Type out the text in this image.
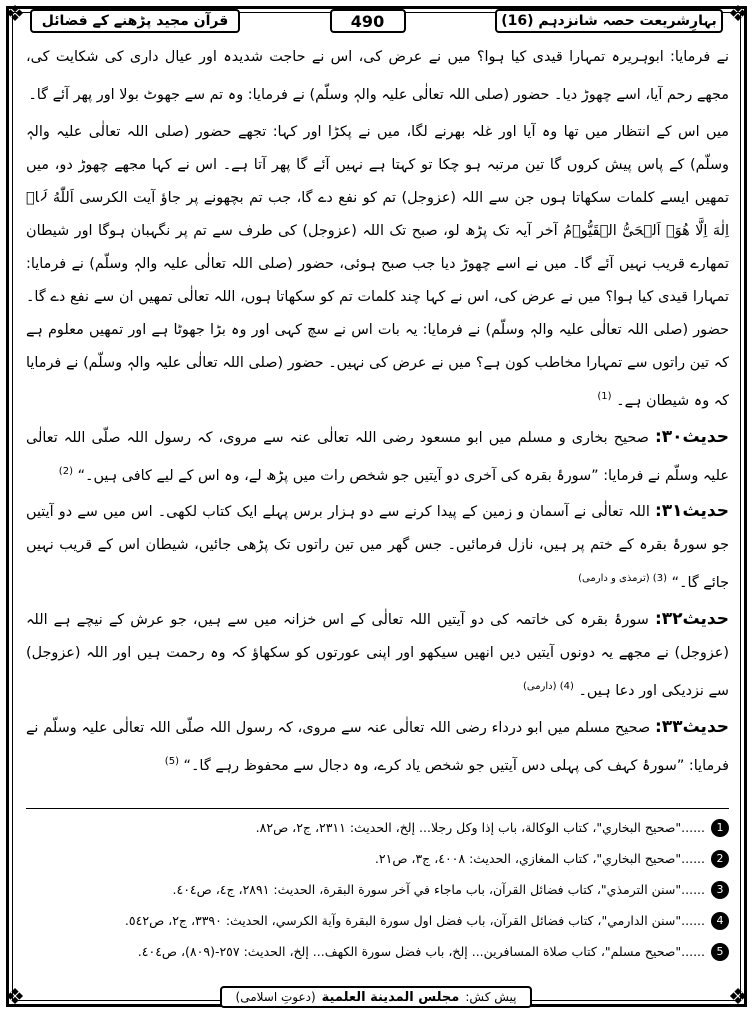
❖	❖
❖	❖
بہارِشریعت حصہ شانزدہم (16)
490
قرآن مجید پڑھنے کے فضائل

نے فرمایا: ابوہریرہ تمہارا قیدی کیا ہوا؟ میں نے عرض کی، اس نے حاجت شدیدہ اور عیال داری کی شکایت کی، مجھے رحم آیا، اسے چھوڑ دیا۔ حضور (صلی اللہ تعالٰی علیہ والہٖ وسلّم) نے فرمایا: وہ تم سے جھوٹ بولا اور پھر آئے گا۔

میں اس کے انتظار میں تھا وہ آیا اور غلہ بھرنے لگا، میں نے پکڑا اور کہا: تجھے حضور (صلی اللہ تعالٰی علیہ والہٖ وسلّم) کے پاس پیش کروں گا تین مرتبہ ہو چکا تو کہتا ہے نہیں آئے گا پھر آتا ہے۔ اس نے کہا مجھے چھوڑ دو، میں تمھیں ایسے کلمات سکھاتا ہوں جن سے اللہ (عزوجل) تم کو نفع دے گا، جب تم بچھونے پر جاؤ آیت الکرسی اَللّٰهُ لَاۤ اِلٰهَ اِلَّا هُوَۚ اَلۡحَیُّ الۡقَیُّوۡمُ آخر آیہ تک پڑھ لو، صبح تک اللہ (عزوجل) کی طرف سے تم پر نگہبان ہوگا اور شیطان تمھارے قریب نہیں آئے گا۔ میں نے اسے چھوڑ دیا جب صبح ہوئی، حضور (صلی اللہ تعالٰی علیہ والہٖ وسلّم) نے فرمایا: تمہارا قیدی کیا ہوا؟ میں نے عرض کی، اس نے کہا چند کلمات تم کو سکھاتا ہوں، اللہ تعالٰی تمھیں ان سے نفع دے گا۔ حضور (صلی اللہ تعالٰی علیہ والہٖ وسلّم) نے فرمایا: یہ بات اس نے سچ کہی اور وہ بڑا جھوٹا ہے اور تمھیں معلوم ہے کہ تین راتوں سے تمہارا مخاطب کون ہے؟ میں نے عرض کی نہیں۔ حضور (صلی اللہ تعالٰی علیہ والہٖ وسلّم) نے فرمایا کہ وہ شیطان ہے۔ $^{(1)}$

حدیث۳۰: صحیح بخاری و مسلم میں ابو مسعود رضی اللہ تعالٰی عنہ سے مروی، کہ رسول اللہ صلّی اللہ تعالٰی علیہ وسلّم نے فرمایا: ”سورۂ بقرہ کی آخری دو آیتیں جو شخص رات میں پڑھ لے، وہ اس کے لیے کافی ہیں۔“ $^{(2)}$

حدیث۳۱: اللہ تعالٰی نے آسمان و زمین کے پیدا کرنے سے دو ہزار برس پہلے ایک کتاب لکھی۔ اس میں سے دو آیتیں جو سورۂ بقرہ کے ختم پر ہیں، نازل فرمائیں۔ جس گھر میں تین راتوں تک پڑھی جائیں، شیطان اس کے قریب نہیں جائے گا۔“ $^{(3) (ترمذی و دارمی)}$

حدیث۳۲: سورۂ بقرہ کی خاتمہ کی دو آیتیں اللہ تعالٰی کے اس خزانہ میں سے ہیں، جو عرش کے نیچے ہے اللہ (عزوجل) نے مجھے یہ دونوں آیتیں دیں انھیں سیکھو اور اپنی عورتوں کو سکھاؤ کہ وہ رحمت ہیں اور اللہ (عزوجل) سے نزدیکی اور دعا ہیں۔ $^{(4) (دارمی)}$

حدیث۳۳: صحیح مسلم میں ابو درداء رضی اللہ تعالٰی عنہ سے مروی، کہ رسول اللہ صلّی اللہ تعالٰی علیہ وسلّم نے فرمایا: ”سورۂ کہف کی پہلی دس آیتیں جو شخص یاد کرے، وہ دجال سے محفوظ رہے گا۔“ $^{(5)}$

1
......"صحيح البخاري"، كتاب الوكالة، باب إذا وكل رجلا... إلخ، الحديث: ٢٣١١، ج٢، ص٨٢.
2
......"صحيح البخاري"، كتاب المغازي، الحديث: ٤٠٠٨، ج٣، ص٢١.
3
......"سنن الترمذي"، كتاب فضائل القرآن، باب ماجاء في آخر سورة البقرة، الحديث: ٢٨٩١، ج٤، ص٤٠٤.
4
......"سنن الدارمي"، كتاب فضائل القرآن، باب فضل اول سورة البقرة وآية الكرسي، الحديث: ٣٣٩٠، ج٢، ص٥٤٢.
5
......"صحيح مسلم"، كتاب صلاة المسافرين... إلخ، باب فضل سورة الكهف... إلخ، الحديث: ٢٥٧-(٨٠٩)، ص٤٠٤.
پیش کش:
مجلس المدينة العلمية
(دعوتِ اسلامی)
